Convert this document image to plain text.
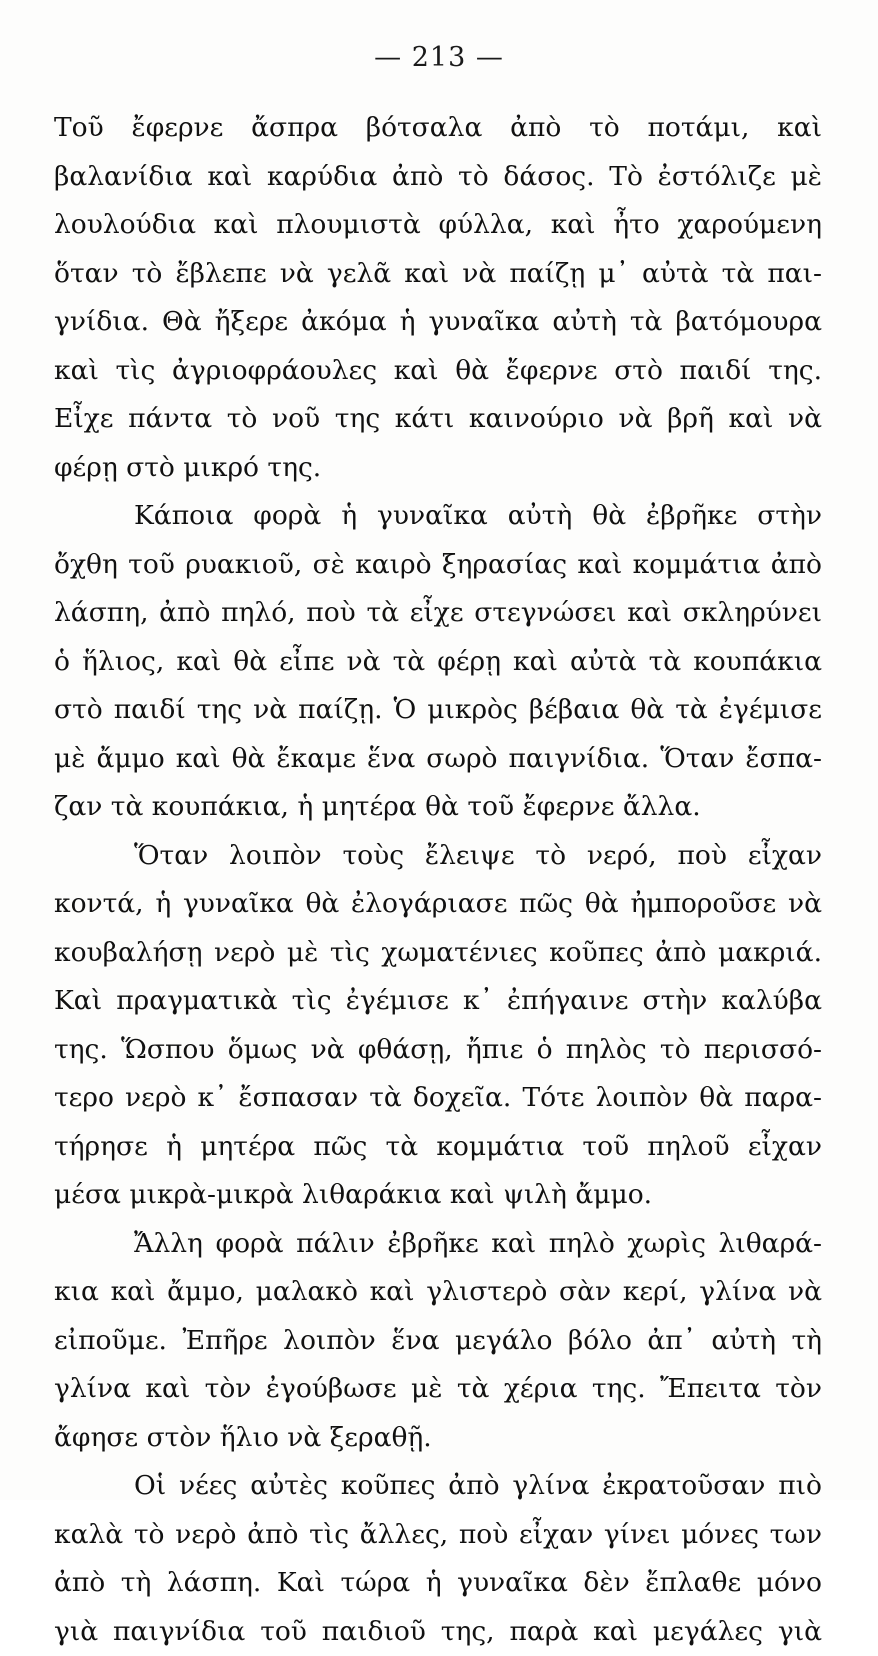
— 213 —
Τοῦ ἔφερνε ἄσπρα βότσαλα ἀπὸ τὸ ποτάμι, καὶ
βαλανίδια καὶ καρύδια ἀπὸ τὸ δάσος. Τὸ ἐστόλιζε μὲ
λουλούδια καὶ πλουμιστὰ φύλλα, καὶ ἦτο χαρούμενη
ὅταν τὸ ἔβλεπε νὰ γελᾶ καὶ νὰ παίζῃ μ᾽ αὐτὰ τὰ παι-
γνίδια. Θὰ ἤξερε ἀκόμα ἡ γυναῖκα αὐτὴ τὰ βατόμουρα
καὶ τὶς ἀγριοφράουλες καὶ θὰ ἔφερνε στὸ παιδί της.
Εἶχε πάντα τὸ νοῦ της κάτι καινούριο νὰ βρῆ καὶ νὰ
φέρῃ στὸ μικρό της.
Κάποια φορὰ ἡ γυναῖκα αὐτὴ θὰ ἐβρῆκε στὴν
ὄχθη τοῦ ρυακιοῦ, σὲ καιρὸ ξηρασίας καὶ κομμάτια ἀπὸ
λάσπη, ἀπὸ πηλό, ποὺ τὰ εἶχε στεγνώσει καὶ σκληρύνει
ὁ ἥλιος, καὶ θὰ εἶπε νὰ τὰ φέρῃ καὶ αὐτὰ τὰ κουπάκια
στὸ παιδί της νὰ παίζῃ. Ὁ μικρὸς βέβαια θὰ τὰ ἐγέμισε
μὲ ἄμμο καὶ θὰ ἔκαμε ἕνα σωρὸ παιγνίδια. Ὅταν ἔσπα-
ζαν τὰ κουπάκια, ἡ μητέρα θὰ τοῦ ἔφερνε ἄλλα.
Ὅταν λοιπὸν τοὺς ἔλειψε τὸ νερό, ποὺ εἶχαν
κοντά, ἡ γυναῖκα θὰ ἐλογάριασε πῶς θὰ ἠμποροῦσε νὰ
κουβαλήσῃ νερὸ μὲ τὶς χωματένιες κοῦπες ἀπὸ μακριά.
Καὶ πραγματικὰ τὶς ἐγέμισε κ᾽ ἐπήγαινε στὴν καλύβα
της. Ὥσπου ὅμως νὰ φθάσῃ, ἤπιε ὁ πηλὸς τὸ περισσό-
τερο νερὸ κ᾽ ἔσπασαν τὰ δοχεῖα. Τότε λοιπὸν θὰ παρα-
τήρησε ἡ μητέρα πῶς τὰ κομμάτια τοῦ πηλοῦ εἶχαν
μέσα μικρὰ-μικρὰ λιθαράκια καὶ ψιλὴ ἄμμο.
Ἄλλη φορὰ πάλιν ἐβρῆκε καὶ πηλὸ χωρὶς λιθαρά-
κια καὶ ἄμμο, μαλακὸ καὶ γλιστερὸ σὰν κερί, γλίνα νὰ
εἰποῦμε. Ἐπῆρε λοιπὸν ἕνα μεγάλο βόλο ἀπ᾽ αὐτὴ τὴ
γλίνα καὶ τὸν ἐγούβωσε μὲ τὰ χέρια της. Ἔπειτα τὸν
ἄφησε στὸν ἥλιο νὰ ξεραθῇ.
Οἱ νέες αὐτὲς κοῦπες ἀπὸ γλίνα ἐκρατοῦσαν πιὸ
καλὰ τὸ νερὸ ἀπὸ τὶς ἄλλες, ποὺ εἶχαν γίνει μόνες των
ἀπὸ τὴ λάσπη. Καὶ τώρα ἡ γυναῖκα δὲν ἔπλαθε μόνο
γιὰ παιγνίδια τοῦ παιδιοῦ της, παρὰ καὶ μεγάλες γιὰ
